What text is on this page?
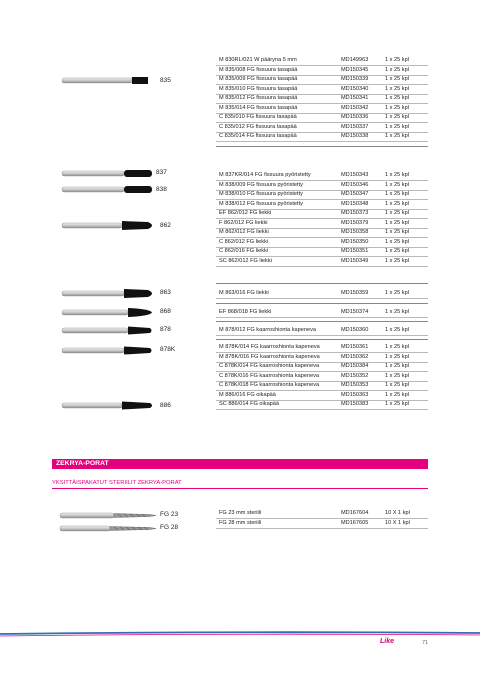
835
837
838
862
863
868
878
878K
886
FG 23
FG 28
M 830RL/021 W pääryna 5 mm	MD149963	1 x 25 kpl
M 835/008 FG fissuura tasapää	MD150345	1 x 25 kpl
M 835/009 FG fissuura tasapää	MD150339	1 x 25 kpl
M 835/010 FG fissuura tasapää	MD150340	1 x 25 kpl
M 835/012 FG fissuura tasapää	MD150341	1 x 25 kpl
M 835/014 FG fissuura tasapää	MD150342	1 x 25 kpl
C 835/010 FG fissuura tasapää	MD150336	1 x 25 kpl
C 835/012 FG fissuura tasapää	MD150337	1 x 25 kpl
C 835/014 FG fissuura tasapää	MD150338	1 x 25 kpl
M 837KR/014 FG fissuura pyöristetty	MD150343	1 x 25 kpl
M 838/009 FG fissuura pyöristetty	MD150346	1 x 25 kpl
M 838/010 FG fissuura pyöristetty	MD150347	1 x 25 kpl
M 838/012 FG fissuura pyöristetty	MD150348	1 x 25 kpl
EF 862/012 FG liekki	MD150373	1 x 25 kpl
F 862/012 FG liekki	MD150379	1 x 25 kpl
M 862/012 FG liekki	MD150358	1 x 25 kpl
C 862/012 FG liekki	MD150350	1 x 25 kpl
C 862/016 FG liekki	MD150351	1 x 25 kpl
SC 862/012 FG liekki	MD150349	1 x 25 kpl
M 863/016 FG liekki	MD150359	1 x 25 kpl
EF 868/018 FG liekki	MD150374	1 x 25 kpl
M 878/012 FG kaarroshionta kapeneva	MD150360	1 x 25 kpl
M 878K/014 FG kaarroshionta kapeneva	MD150361	1 x 25 kpl
M 878K/016 FG kaarroshionta kapeneva	MD150362	1 x 25 kpl
C 878K/014 FG kaarroshionta kapeneva	MD150384	1 x 25 kpl
C 878K/016 FG kaarroshionta kapeneva	MD150352	1 x 25 kpl
C 878K/018 FG kaarroshionta kapeneva	MD150353	1 x 25 kpl
M 886/016 FG oikapää	MD150363	1 x 25 kpl
SC 886/014 FG oikapää	MD150383	1 x 25 kpl
ZEKRYA-PORAT
YKSITTÄISPAKATUT STERIILIT ZEKRYA-PORAT
FG 23 mm steriili	MD167604	10 X 1 kpl
FG 28 mm steriili	MD167605	10 X 1 kpl
Like	71
